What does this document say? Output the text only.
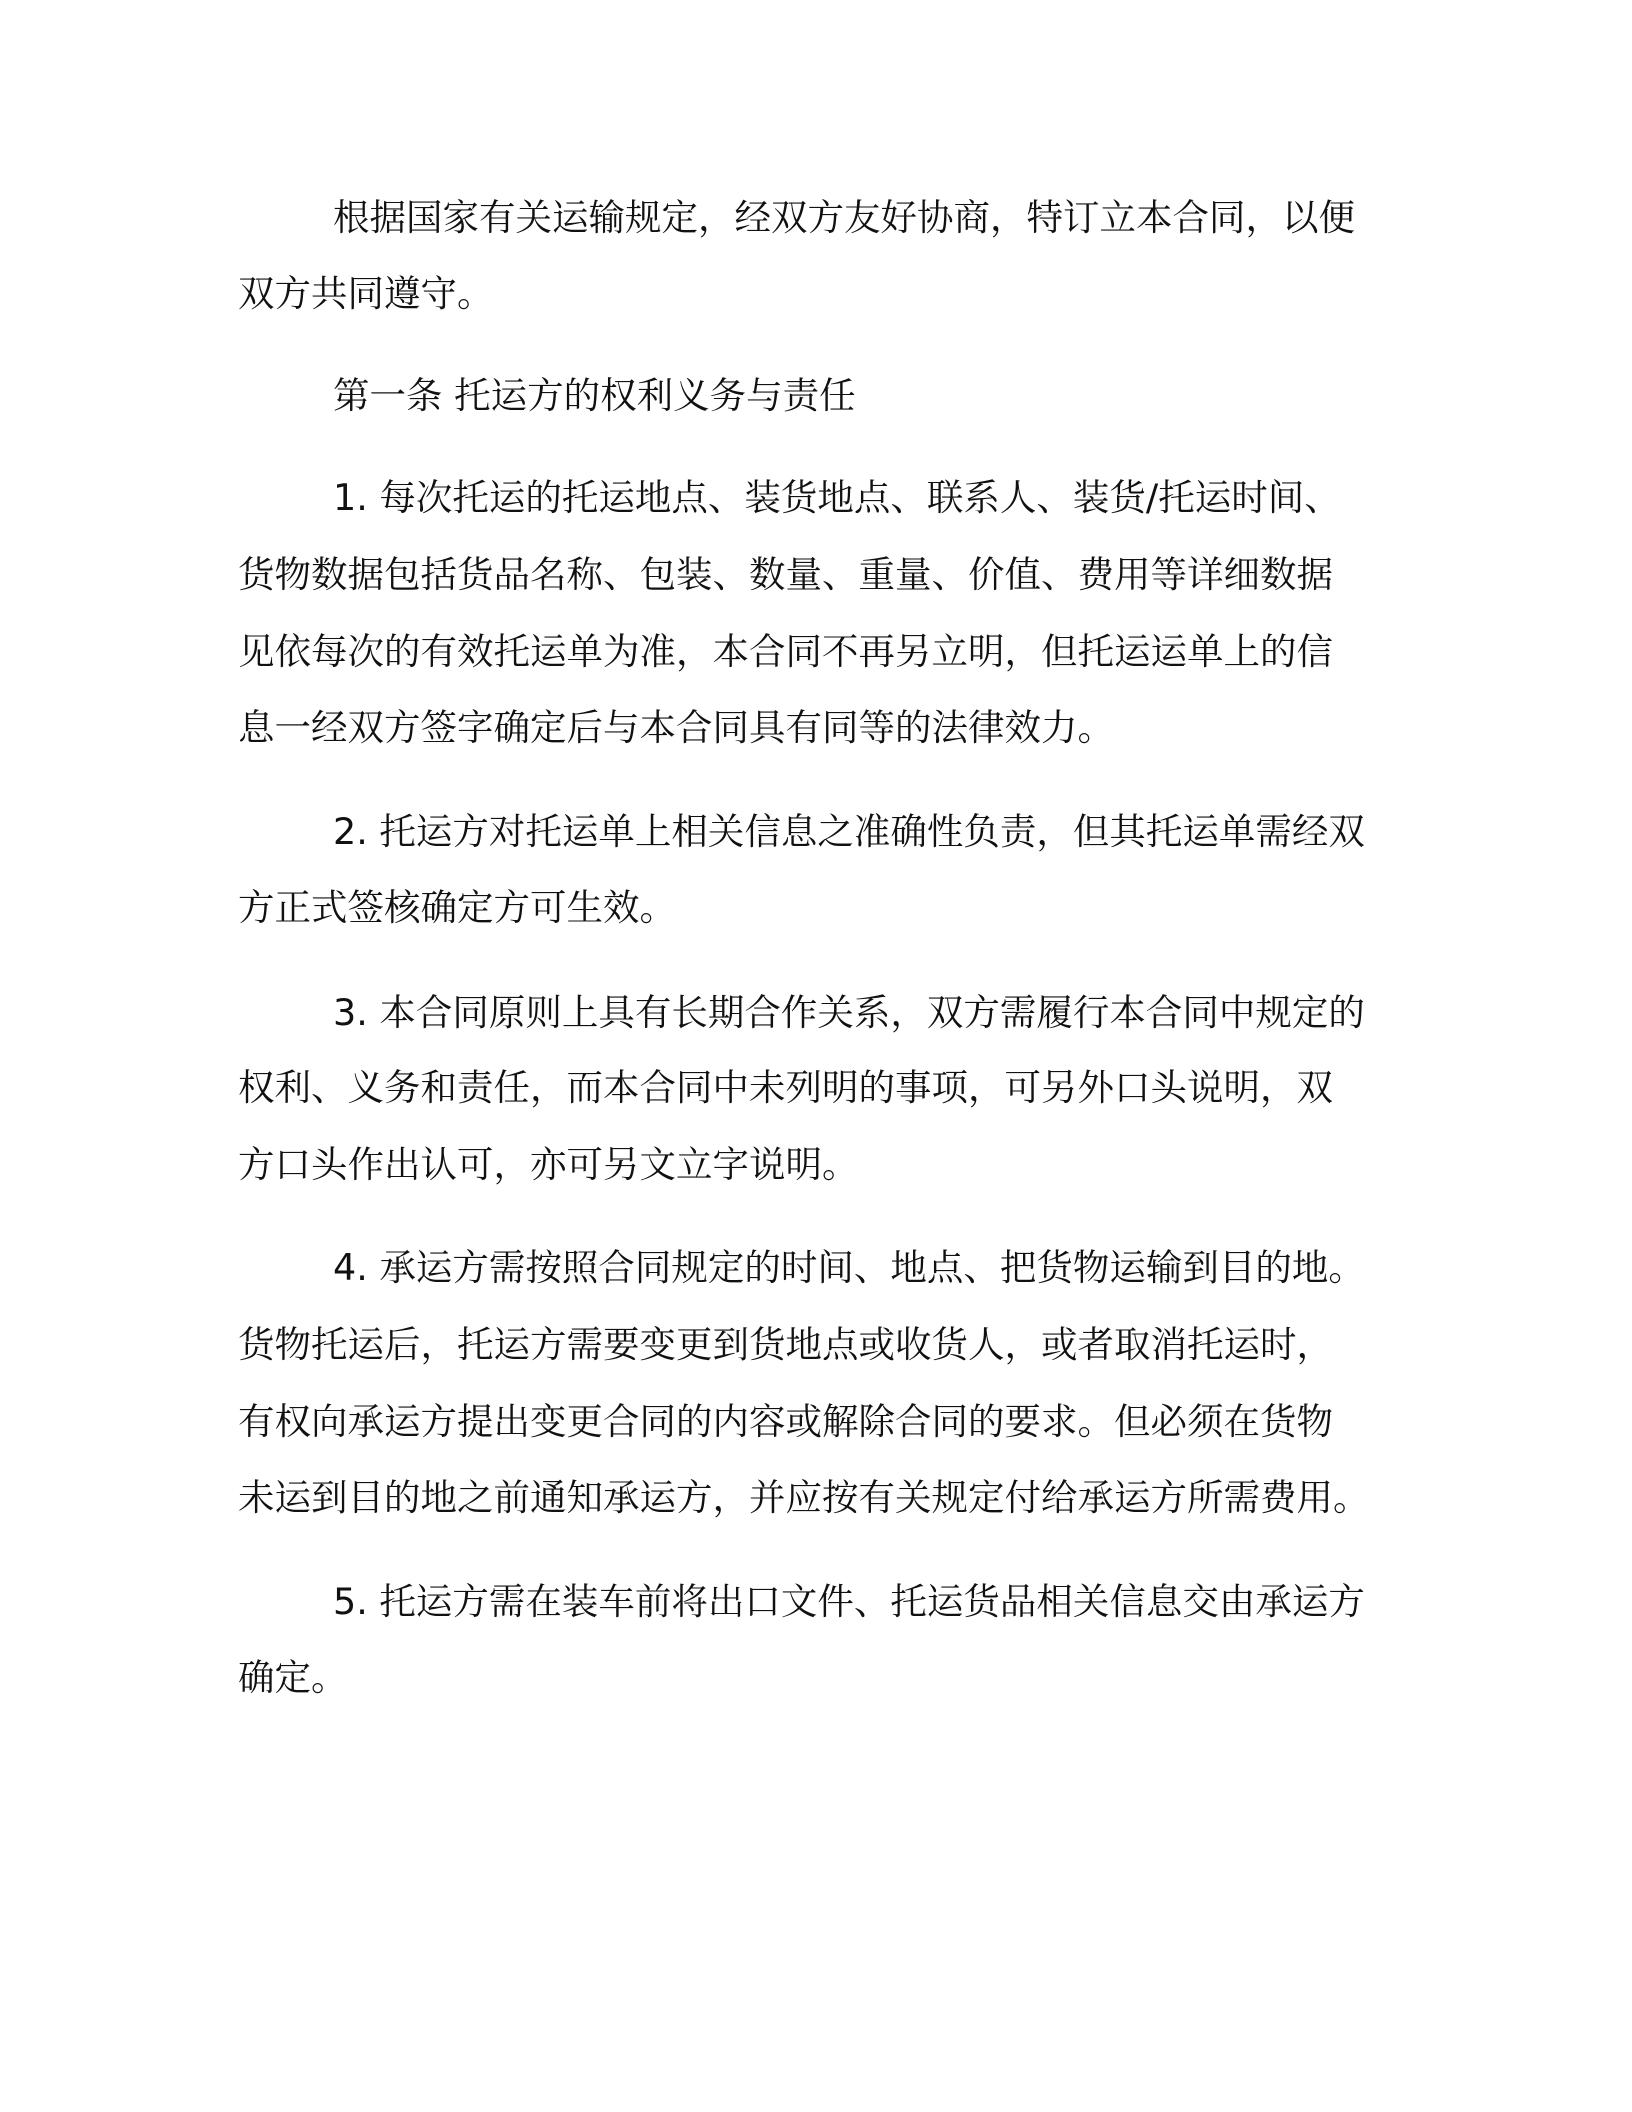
根据国家有关运输规定，经双方友好协商，特订立本合同，以便

双方共同遵守。

第一条 托运方的权利义务与责任

1. 每次托运的托运地点、装货地点、联系人、装货/托运时间、

货物数据包括货品名称、包装、数量、重量、价值、费用等详细数据

见依每次的有效托运单为准，本合同不再另立明，但托运运单上的信

息一经双方签字确定后与本合同具有同等的法律效力。

2. 托运方对托运单上相关信息之准确性负责，但其托运单需经双

方正式签核确定方可生效。

3. 本合同原则上具有长期合作关系，双方需履行本合同中规定的

权利、义务和责任，而本合同中未列明的事项，可另外口头说明，双

方口头作出认可，亦可另文立字说明。

4. 承运方需按照合同规定的时间、地点、把货物运输到目的地。

货物托运后，托运方需要变更到货地点或收货人，或者取消托运时，

有权向承运方提出变更合同的内容或解除合同的要求。但必须在货物

未运到目的地之前通知承运方，并应按有关规定付给承运方所需费用。

5. 托运方需在装车前将出口文件、托运货品相关信息交由承运方

确定。
